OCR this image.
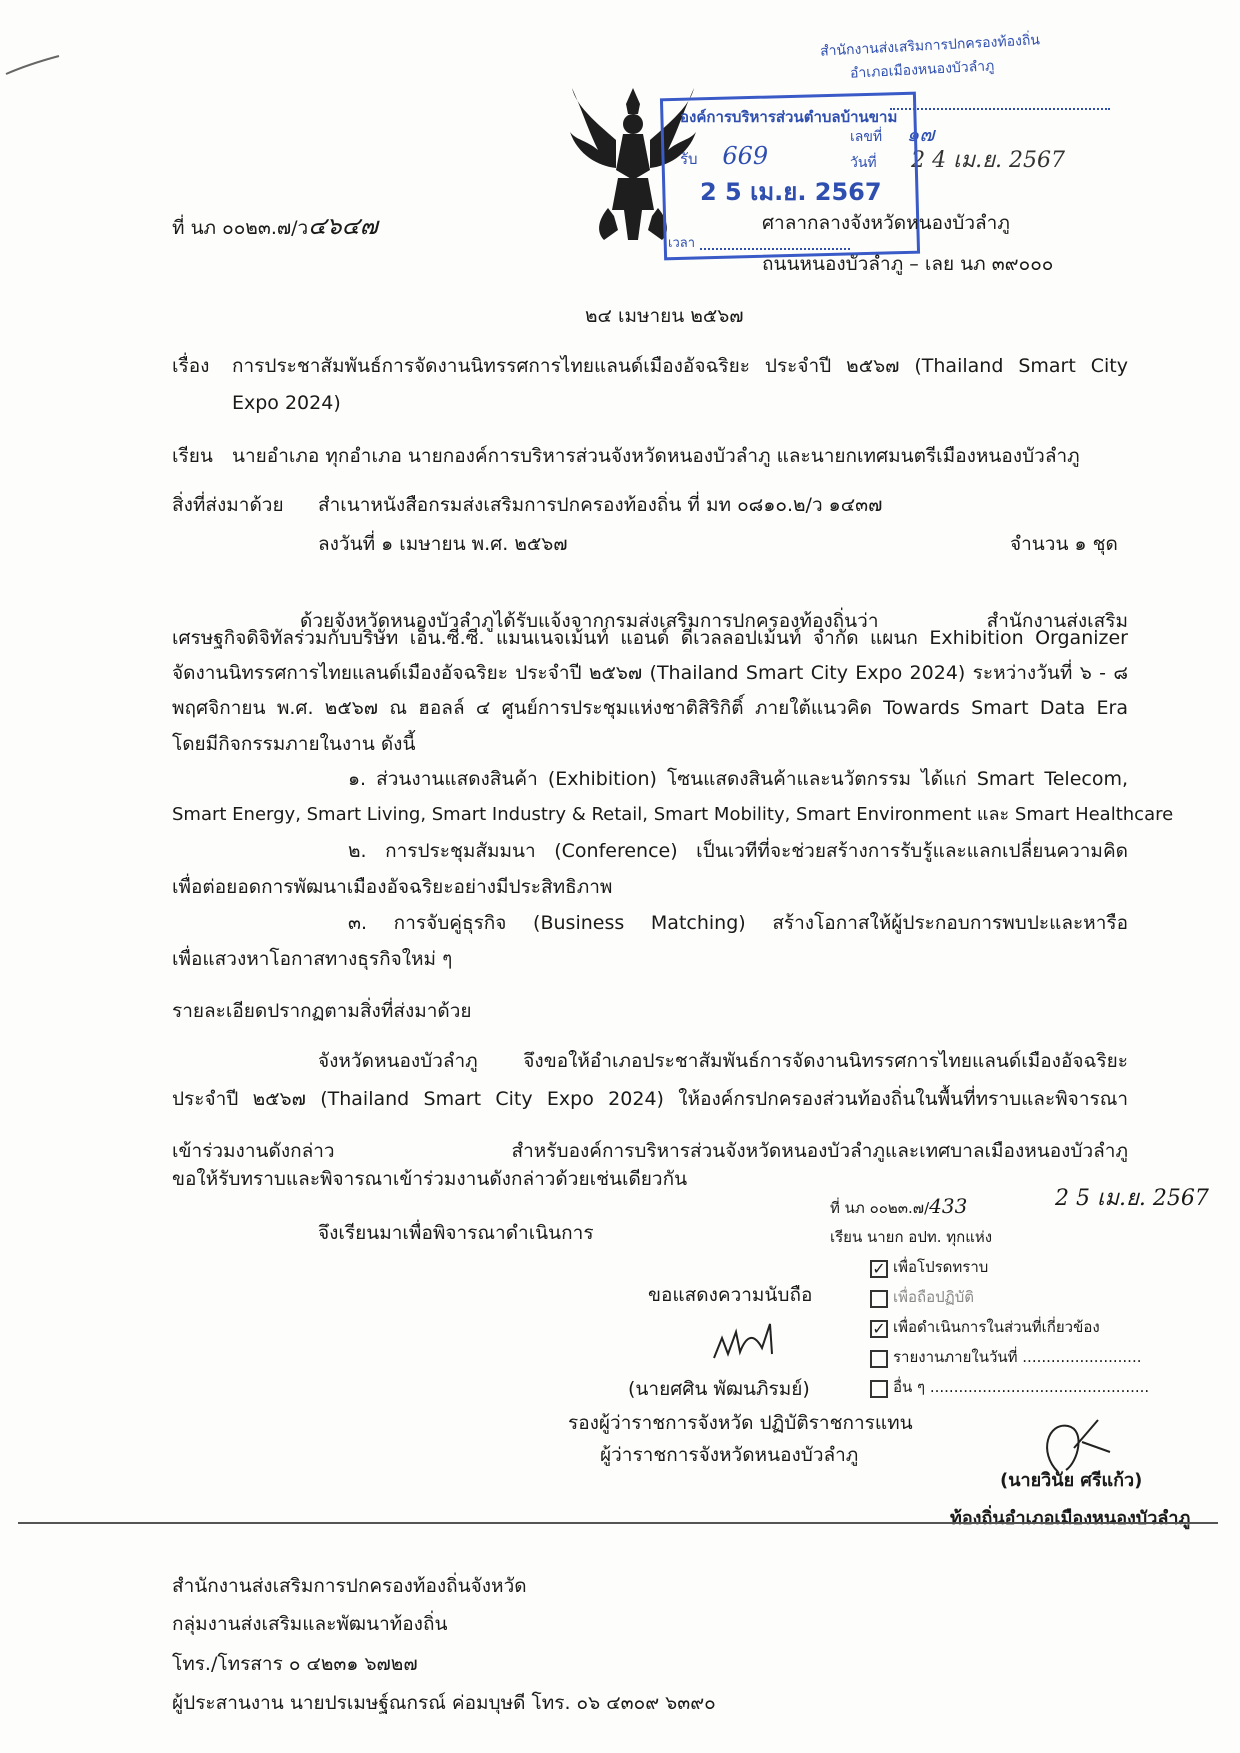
สำนักงานส่งเสริมการปกครองท้องถิ่น
อำเภอเมืองหนองบัวลำภู
เลขที่ ๑๗
วันที่ 2 4 เม.ย. 2567
องค์การบริหารส่วนตำบลบ้านขาม
รับ 669
2 5 เม.ย. 2567
เวลา
ที่ นภ ๐๐๒๓.๗/ว๔๖๔๗	ศาลากลางจังหวัดหนองบัวลำภู
ถนนหนองบัวลำภู – เลย นภ ๓๙๐๐๐
๒๔ เมษายน ๒๕๖๗
เรื่อง การประชาสัมพันธ์การจัดงานนิทรรศการไทยแลนด์เมืองอัจฉริยะ ประจำปี ๒๕๖๗ (Thailand Smart City
Expo 2024)
เรียน นายอำเภอ ทุกอำเภอ นายกองค์การบริหารส่วนจังหวัดหนองบัวลำภู และนายกเทศมนตรีเมืองหนองบัวลำภู
สิ่งที่ส่งมาด้วย สำเนาหนังสือกรมส่งเสริมการปกครองท้องถิ่น ที่ มท ๐๘๑๐.๒/ว ๑๔๓๗
ลงวันที่ ๑ เมษายน พ.ศ. ๒๕๖๗	จำนวน ๑ ชุด
ด้วยจังหวัดหนองบัวลำภูได้รับแจ้งจากกรมส่งเสริมการปกครองท้องถิ่นว่า สำนักงานส่งเสริม
เศรษฐกิจดิจิทัลร่วมกับบริษัท เอ็น.ซี.ซี. แมนเนจเม้นท์ แอนด์ ดีเวลลอปเม้นท์ จำกัด แผนก Exhibition Organizer
จัดงานนิทรรศการไทยแลนด์เมืองอัจฉริยะ ประจำปี ๒๕๖๗ (Thailand Smart City Expo 2024) ระหว่างวันที่ ๖ - ๘
พฤศจิกายน พ.ศ. ๒๕๖๗ ณ ฮอลล์ ๔ ศูนย์การประชุมแห่งชาติสิริกิติ์ ภายใต้แนวคิด Towards Smart Data Era
โดยมีกิจกรรมภายในงาน ดังนี้
๑. ส่วนงานแสดงสินค้า (Exhibition) โซนแสดงสินค้าและนวัตกรรม ได้แก่ Smart Telecom,
Smart Energy, Smart Living, Smart Industry & Retail, Smart Mobility, Smart Environment และ Smart Healthcare
๒. การประชุมสัมมนา (Conference) เป็นเวทีที่จะช่วยสร้างการรับรู้และแลกเปลี่ยนความคิด
เพื่อต่อยอดการพัฒนาเมืองอัจฉริยะอย่างมีประสิทธิภาพ
๓. การจับคู่ธุรกิจ (Business Matching) สร้างโอกาสให้ผู้ประกอบการพบปะและหารือ
เพื่อแสวงหาโอกาสทางธุรกิจใหม่ ๆ
รายละเอียดปรากฏตามสิ่งที่ส่งมาด้วย
จังหวัดหนองบัวลำภู จึงขอให้อำเภอประชาสัมพันธ์การจัดงานนิทรรศการไทยแลนด์เมืองอัจฉริยะ
ประจำปี ๒๕๖๗ (Thailand Smart City Expo 2024) ให้องค์กรปกครองส่วนท้องถิ่นในพื้นที่ทราบและพิจารณา
เข้าร่วมงานดังกล่าว สำหรับองค์การบริหารส่วนจังหวัดหนองบัวลำภูและเทศบาลเมืองหนองบัวลำภู
ขอให้รับทราบและพิจารณาเข้าร่วมงานดังกล่าวด้วยเช่นเดียวกัน
จึงเรียนมาเพื่อพิจารณาดำเนินการ
ขอแสดงความนับถือ
(นายศศิน พัฒนภิรมย์)
รองผู้ว่าราชการจังหวัด ปฏิบัติราชการแทน
ผู้ว่าราชการจังหวัดหนองบัวลำภู
ที่ นภ ๐๐๒๓.๗/433	2 5 เม.ย. 2567
เรียน นายก อปท. ทุกแห่ง
✓ เพื่อโปรดทราบ
เพื่อถือปฏิบัติ
✓ เพื่อดำเนินการในส่วนที่เกี่ยวข้อง
รายงานภายในวันที่ .........................
อื่น ๆ ..............................................
(นายวินัย ศรีแก้ว)
ท้องถิ่นอำเภอเมืองหนองบัวลำภู
สำนักงานส่งเสริมการปกครองท้องถิ่นจังหวัด
กลุ่มงานส่งเสริมและพัฒนาท้องถิ่น
โทร./โทรสาร ๐ ๔๒๓๑ ๖๗๒๗
ผู้ประสานงาน นายปรเมษฐ์ณกรณ์ ค่อมบุษดี โทร. ๐๖ ๔๓๐๙ ๖๓๙๐
